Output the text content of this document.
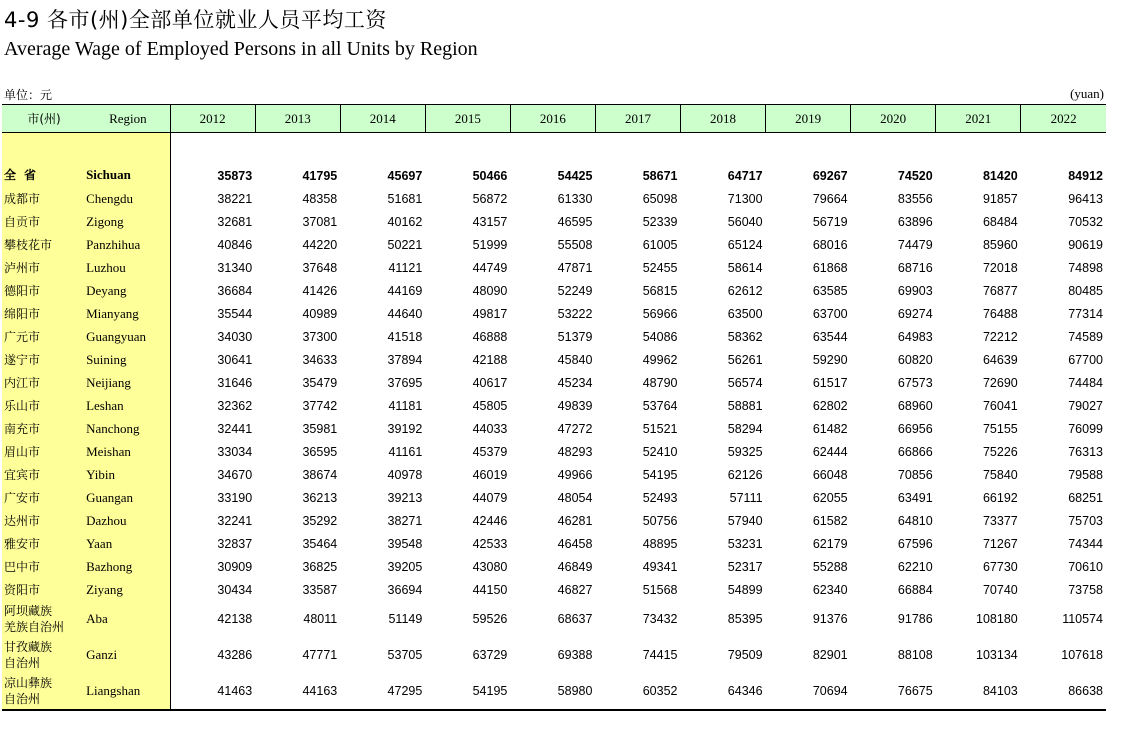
4-9 各市(州)全部单位就业人员平均工资
Average Wage of Employed Persons in all Units by Region
单位：元	(yuan)
市(州)	Region	2012	2013	2014	2015	2016	2017	2018	2019	2020	2021	2022

全省	Sichuan	35873	41795	45697	50466	54425	58671	64717	69267	74520	81420	84912
成都市	Chengdu	38221	48358	51681	56872	61330	65098	71300	79664	83556	91857	96413
自贡市	Zigong	32681	37081	40162	43157	46595	52339	56040	56719	63896	68484	70532
攀枝花市	Panzhihua	40846	44220	50221	51999	55508	61005	65124	68016	74479	85960	90619
泸州市	Luzhou	31340	37648	41121	44749	47871	52455	58614	61868	68716	72018	74898
德阳市	Deyang	36684	41426	44169	48090	52249	56815	62612	63585	69903	76877	80485
绵阳市	Mianyang	35544	40989	44640	49817	53222	56966	63500	63700	69274	76488	77314
广元市	Guangyuan	34030	37300	41518	46888	51379	54086	58362	63544	64983	72212	74589
遂宁市	Suining	30641	34633	37894	42188	45840	49962	56261	59290	60820	64639	67700
内江市	Neijiang	31646	35479	37695	40617	45234	48790	56574	61517	67573	72690	74484
乐山市	Leshan	32362	37742	41181	45805	49839	53764	58881	62802	68960	76041	79027
南充市	Nanchong	32441	35981	39192	44033	47272	51521	58294	61482	66956	75155	76099
眉山市	Meishan	33034	36595	41161	45379	48293	52410	59325	62444	66866	75226	76313
宜宾市	Yibin	34670	38674	40978	46019	49966	54195	62126	66048	70856	75840	79588
广安市	Guangan	33190	36213	39213	44079	48054	52493	57111	62055	63491	66192	68251
达州市	Dazhou	32241	35292	38271	42446	46281	50756	57940	61582	64810	73377	75703
雅安市	Yaan	32837	35464	39548	42533	46458	48895	53231	62179	67596	71267	74344
巴中市	Bazhong	30909	36825	39205	43080	46849	49341	52317	55288	62210	67730	70610
资阳市	Ziyang	30434	33587	36694	44150	46827	51568	54899	62340	66884	70740	73758

阿坝藏族
羌族自治州	Aba	42138	48011	51149	59526	68637	73432	85395	91376	91786	108180	110574

甘孜藏族
自治州	Ganzi	43286	47771	53705	63729	69388	74415	79509	82901	88108	103134	107618

凉山彝族
自治州	Liangshan	41463	44163	47295	54195	58980	60352	64346	70694	76675	84103	86638
